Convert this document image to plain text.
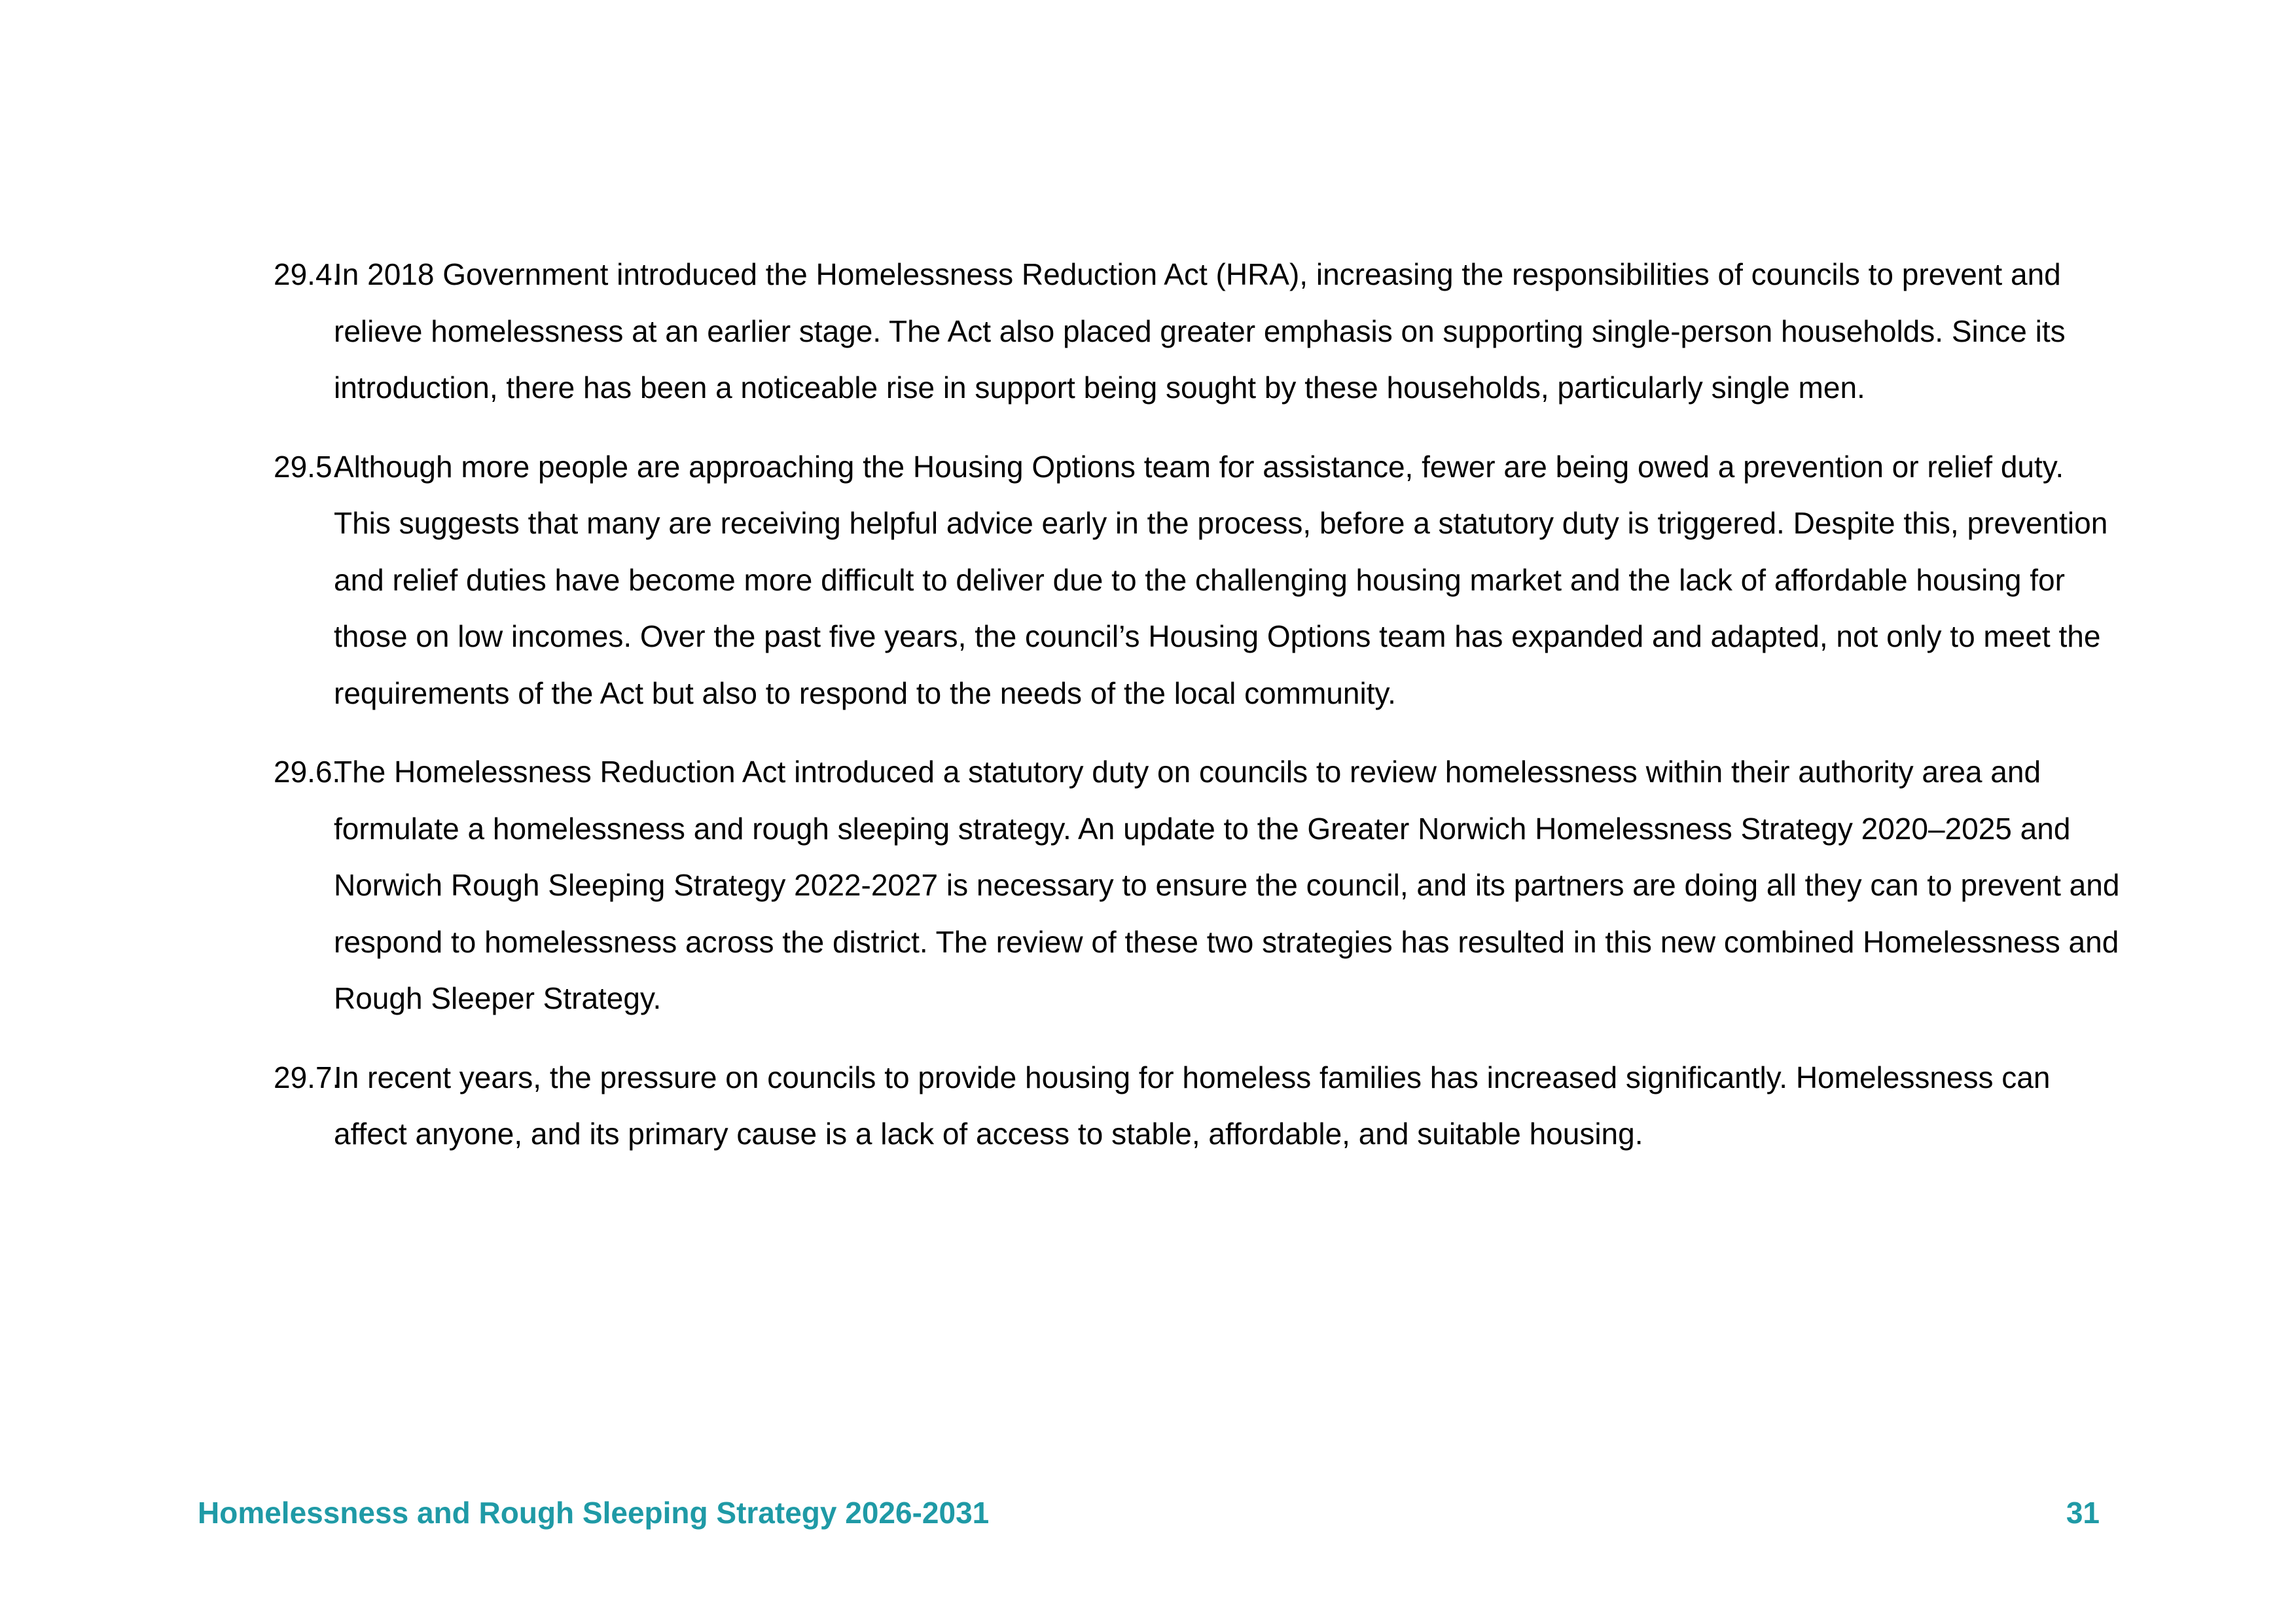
29.4.
In 2018 Government introduced the Homelessness Reduction Act (HRA), increasing the responsibilities of councils to prevent and relieve homelessness at an earlier stage. The Act also placed greater emphasis on supporting single-person households. Since its introduction, there has been a noticeable rise in support being sought by these households, particularly single men.

29.5.
Although more people are approaching the Housing Options team for assistance, fewer are being owed a prevention or relief duty. This suggests that many are receiving helpful advice early in the process, before a statutory duty is triggered. Despite this, prevention and relief duties have become more difficult to deliver due to the challenging housing market and the lack of affordable housing for those on low incomes. Over the past five years, the council’s Housing Options team has expanded and adapted, not only to meet the requirements of the Act but also to respond to the needs of the local community.

29.6.
The Homelessness Reduction Act introduced a statutory duty on councils to review homelessness within their authority area and formulate a homelessness and rough sleeping strategy. An update to the Greater Norwich Homelessness Strategy 2020–2025 and Norwich Rough Sleeping Strategy 2022-2027 is necessary to ensure the council, and its partners are doing all they can to prevent and respond to homelessness across the district. The review of these two strategies has resulted in this new combined Homelessness and Rough Sleeper Strategy.

29.7.
In recent years, the pressure on councils to provide housing for homeless families has increased significantly. Homelessness can affect anyone, and its primary cause is a lack of access to stable, affordable, and suitable housing.

Homelessness and Rough Sleeping Strategy 2026-2031	31
